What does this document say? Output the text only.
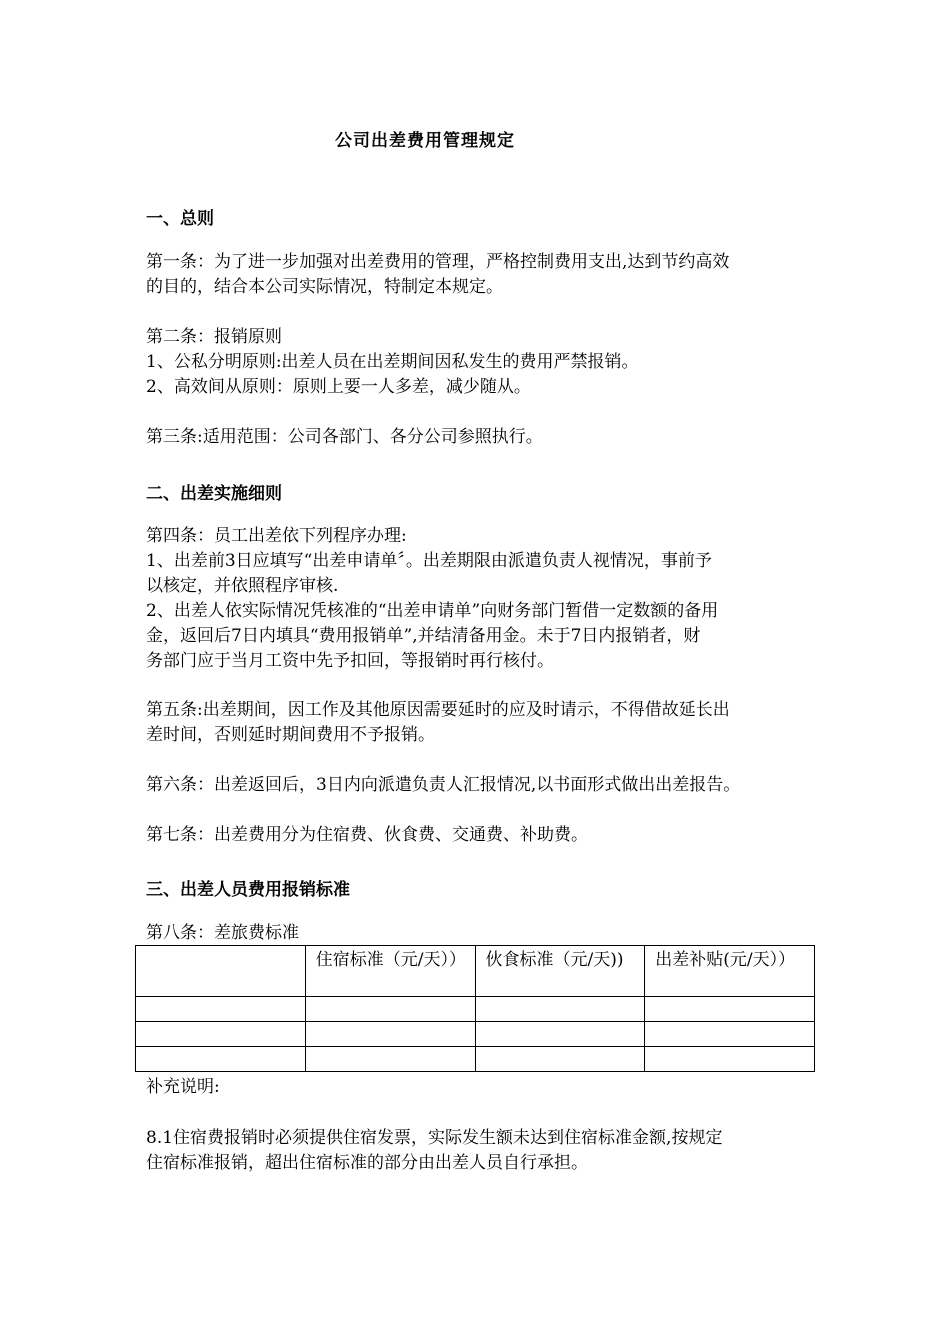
公司出差费用管理规定
一、总则
第一条：为了进一步加强对出差费用的管理，严格控制费用支出,达到节约高效
的目的，结合本公司实际情况，特制定本规定。
第二条：报销原则
1、公私分明原则:出差人员在出差期间因私发生的费用严禁报销。
2、高效间从原则：原则上要一人多差，减少随从。
第三条:适用范围：公司各部门、各分公司参照执行。
二、出差实施细则
第四条：员工出差依下列程序办理:
1、出差前3日应填写“出差申请单〞。出差期限由派遣负责人视情况，事前予
以核定，并依照程序审核.
2、出差人依实际情况凭核准的“出差申请单”向财务部门暂借一定数额的备用
金，返回后7日内填具“费用报销单”,并结清备用金。未于7日内报销者，财
务部门应于当月工资中先予扣回，等报销时再行核付。
第五条:出差期间，因工作及其他原因需要延时的应及时请示，不得借故延长出
差时间，否则延时期间费用不予报销。
第六条：出差返回后，3日内向派遣负责人汇报情况,以书面形式做出出差报告。
第七条：出差费用分为住宿费、伙食费、交通费、补助费。
三、出差人员费用报销标准
第八条：差旅费标准
	住宿标准（元/天））	伙食标准（元/天))	出差补贴(元/天））

补充说明:
8.1住宿费报销时必须提供住宿发票，实际发生额未达到住宿标准金额,按规定
住宿标准报销，超出住宿标准的部分由出差人员自行承担。
